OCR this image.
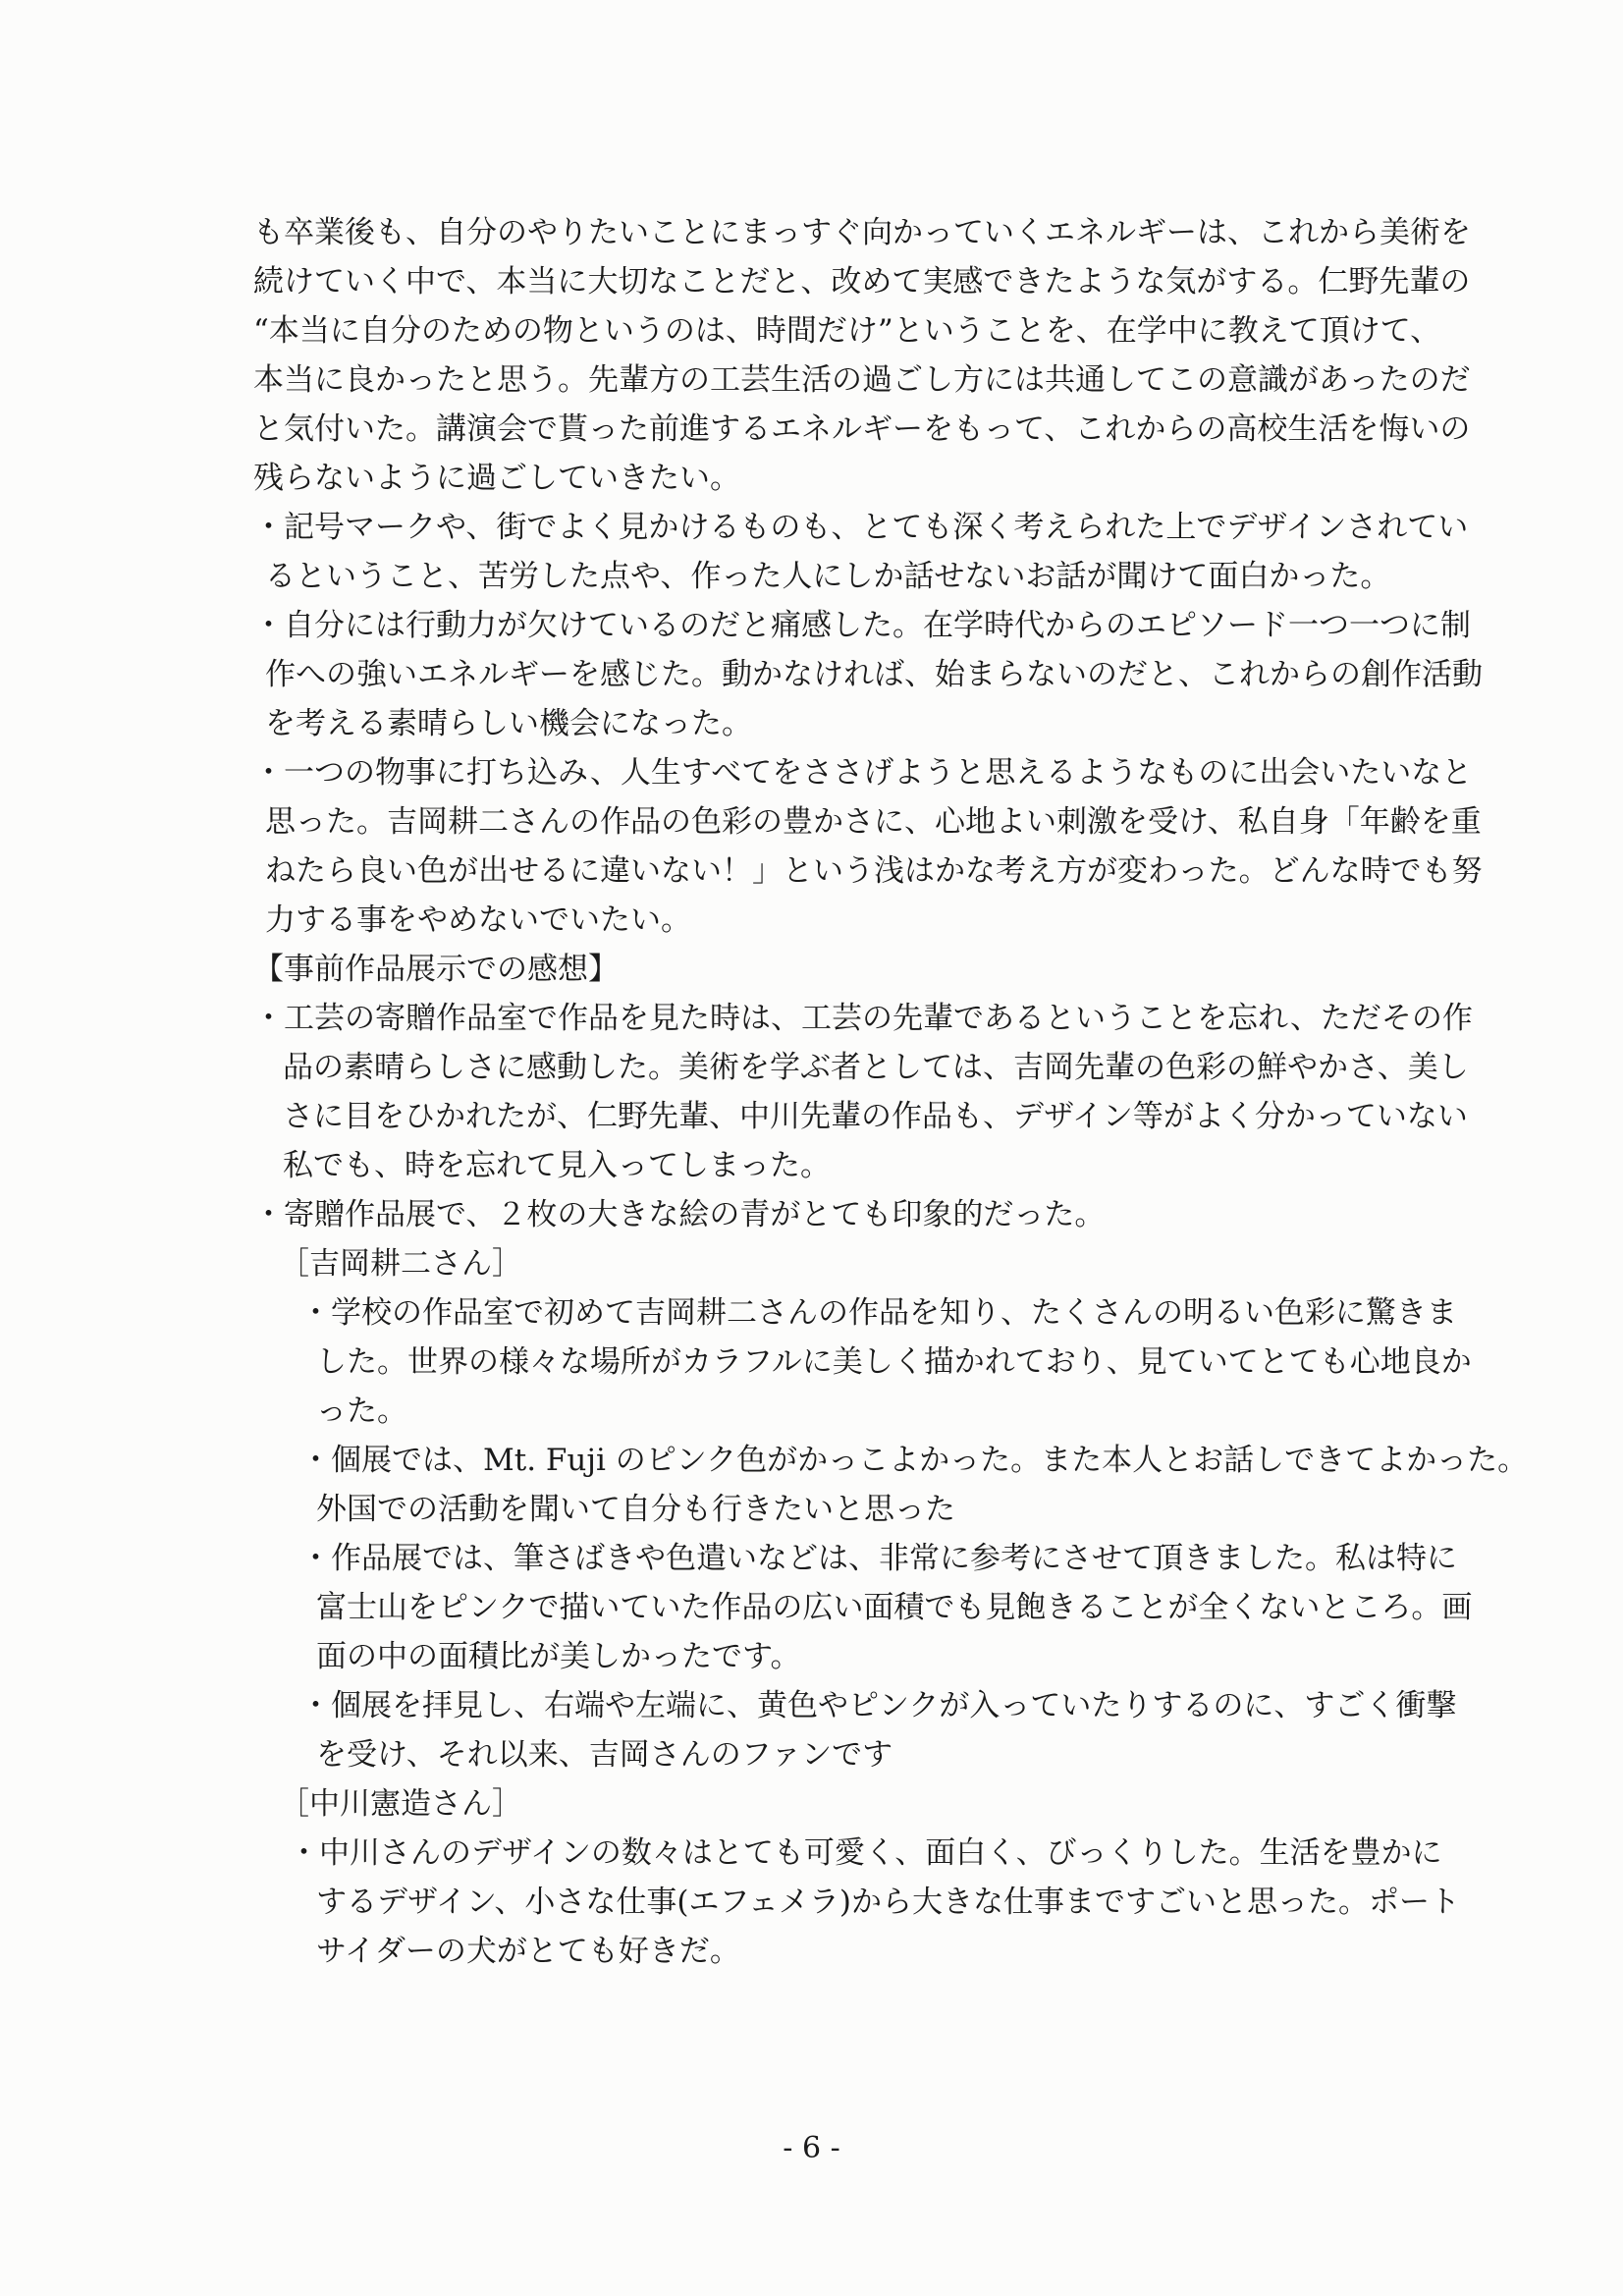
も卒業後も、自分のやりたいことにまっすぐ向かっていくエネルギーは、これから美術を
続けていく中で、本当に大切なことだと、改めて実感できたような気がする。仁野先輩の
“本当に自分のための物というのは、時間だけ”ということを、在学中に教えて頂けて、
本当に良かったと思う。先輩方の工芸生活の過ごし方には共通してこの意識があったのだ
と気付いた。講演会で貰った前進するエネルギーをもって、これからの高校生活を悔いの
残らないように過ごしていきたい。
・記号マークや、街でよく見かけるものも、とても深く考えられた上でデザインされてい
るということ、苦労した点や、作った人にしか話せないお話が聞けて面白かった。
・自分には行動力が欠けているのだと痛感した。在学時代からのエピソード一つ一つに制
作への強いエネルギーを感じた。動かなければ、始まらないのだと、これからの創作活動
を考える素晴らしい機会になった。
・一つの物事に打ち込み、人生すべてをささげようと思えるようなものに出会いたいなと
思った。吉岡耕二さんの作品の色彩の豊かさに、心地よい刺激を受け、私自身「年齢を重
ねたら良い色が出せるに違いない！」という浅はかな考え方が変わった。どんな時でも努
力する事をやめないでいたい。
【事前作品展示での感想】
・工芸の寄贈作品室で作品を見た時は、工芸の先輩であるということを忘れ、ただその作
品の素晴らしさに感動した。美術を学ぶ者としては、吉岡先輩の色彩の鮮やかさ、美し
さに目をひかれたが、仁野先輩、中川先輩の作品も、デザイン等がよく分かっていない
私でも、時を忘れて見入ってしまった。
・寄贈作品展で、２枚の大きな絵の青がとても印象的だった。
［吉岡耕二さん］
・学校の作品室で初めて吉岡耕二さんの作品を知り、たくさんの明るい色彩に驚きま
した。世界の様々な場所がカラフルに美しく描かれており、見ていてとても心地良か
った。
・個展では、Mt. Fuji のピンク色がかっこよかった。また本人とお話しできてよかった。
外国での活動を聞いて自分も行きたいと思った
・作品展では、筆さばきや色遣いなどは、非常に参考にさせて頂きました。私は特に
富士山をピンクで描いていた作品の広い面積でも見飽きることが全くないところ。画
面の中の面積比が美しかったです。
・個展を拝見し、右端や左端に、黄色やピンクが入っていたりするのに、すごく衝撃
を受け、それ以来、吉岡さんのファンです
［中川憲造さん］
・中川さんのデザインの数々はとても可愛く、面白く、びっくりした。生活を豊かに
するデザイン、小さな仕事(エフェメラ)から大きな仕事まですごいと思った。ポート
サイダーの犬がとても好きだ。
- 6 -
